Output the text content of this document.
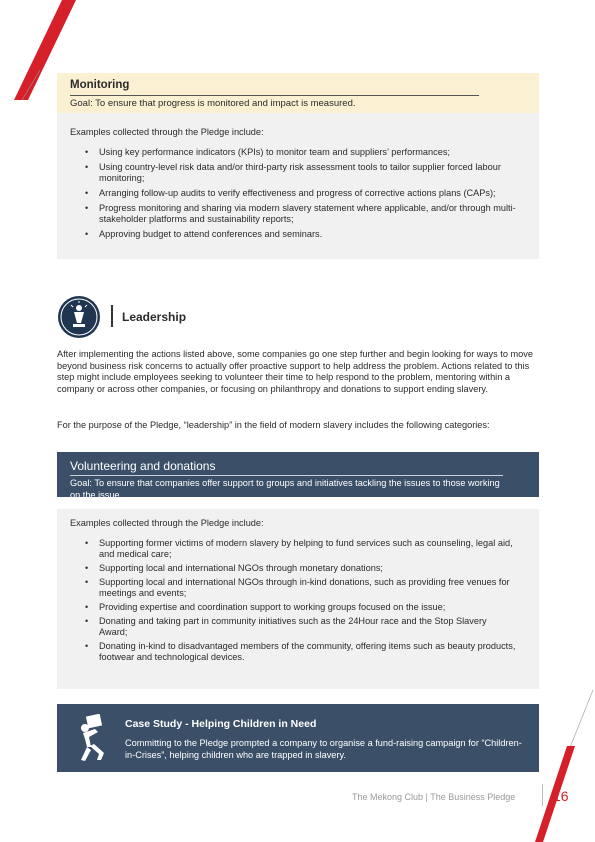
Monitoring
Goal: To ensure that progress is monitored and impact is measured.
Examples collected through the Pledge include:
• Using key performance indicators (KPIs) to monitor team and suppliers’ performances;
• Using country-level risk data and/or third-party risk assessment tools to tailor supplier forced labour monitoring;
• Arranging follow-up audits to verify effectiveness and progress of corrective actions plans (CAPs);
• Progress monitoring and sharing via modern slavery statement where applicable, and/or through multi-stakeholder platforms and sustainability reports;
• Approving budget to attend conferences and seminars.
Leadership
After implementing the actions listed above, some companies go one step further and begin looking for ways to move beyond business risk concerns to actually offer proactive support to help address the problem. Actions related to this step might include employees seeking to volunteer their time to help respond to the problem, mentoring within a company or across other companies, or focusing on philanthropy and donations to support ending slavery.
For the purpose of the Pledge, “leadership” in the field of modern slavery includes the following categories:
Volunteering and donations
Goal: To ensure that companies offer support to groups and initiatives tackling the issues to those working on the issue.
Examples collected through the Pledge include:
• Supporting former victims of modern slavery by helping to fund services such as counseling, legal aid, and medical care;
• Supporting local and international NGOs through monetary donations;
• Supporting local and international NGOs through in-kind donations, such as providing free venues for meetings and events;
• Providing expertise and coordination support to working groups focused on the issue;
• Donating and taking part in community initiatives such as the 24Hour race and the Stop Slavery Award;
• Donating in-kind to disadvantaged members of the community, offering items such as beauty products, footwear and technological devices.
Case Study - Helping Children in Need
Committing to the Pledge prompted a company to organise a fund-raising campaign for “Children-in-Crises”, helping children who are trapped in slavery.
The Mekong Club | The Business Pledge	16
